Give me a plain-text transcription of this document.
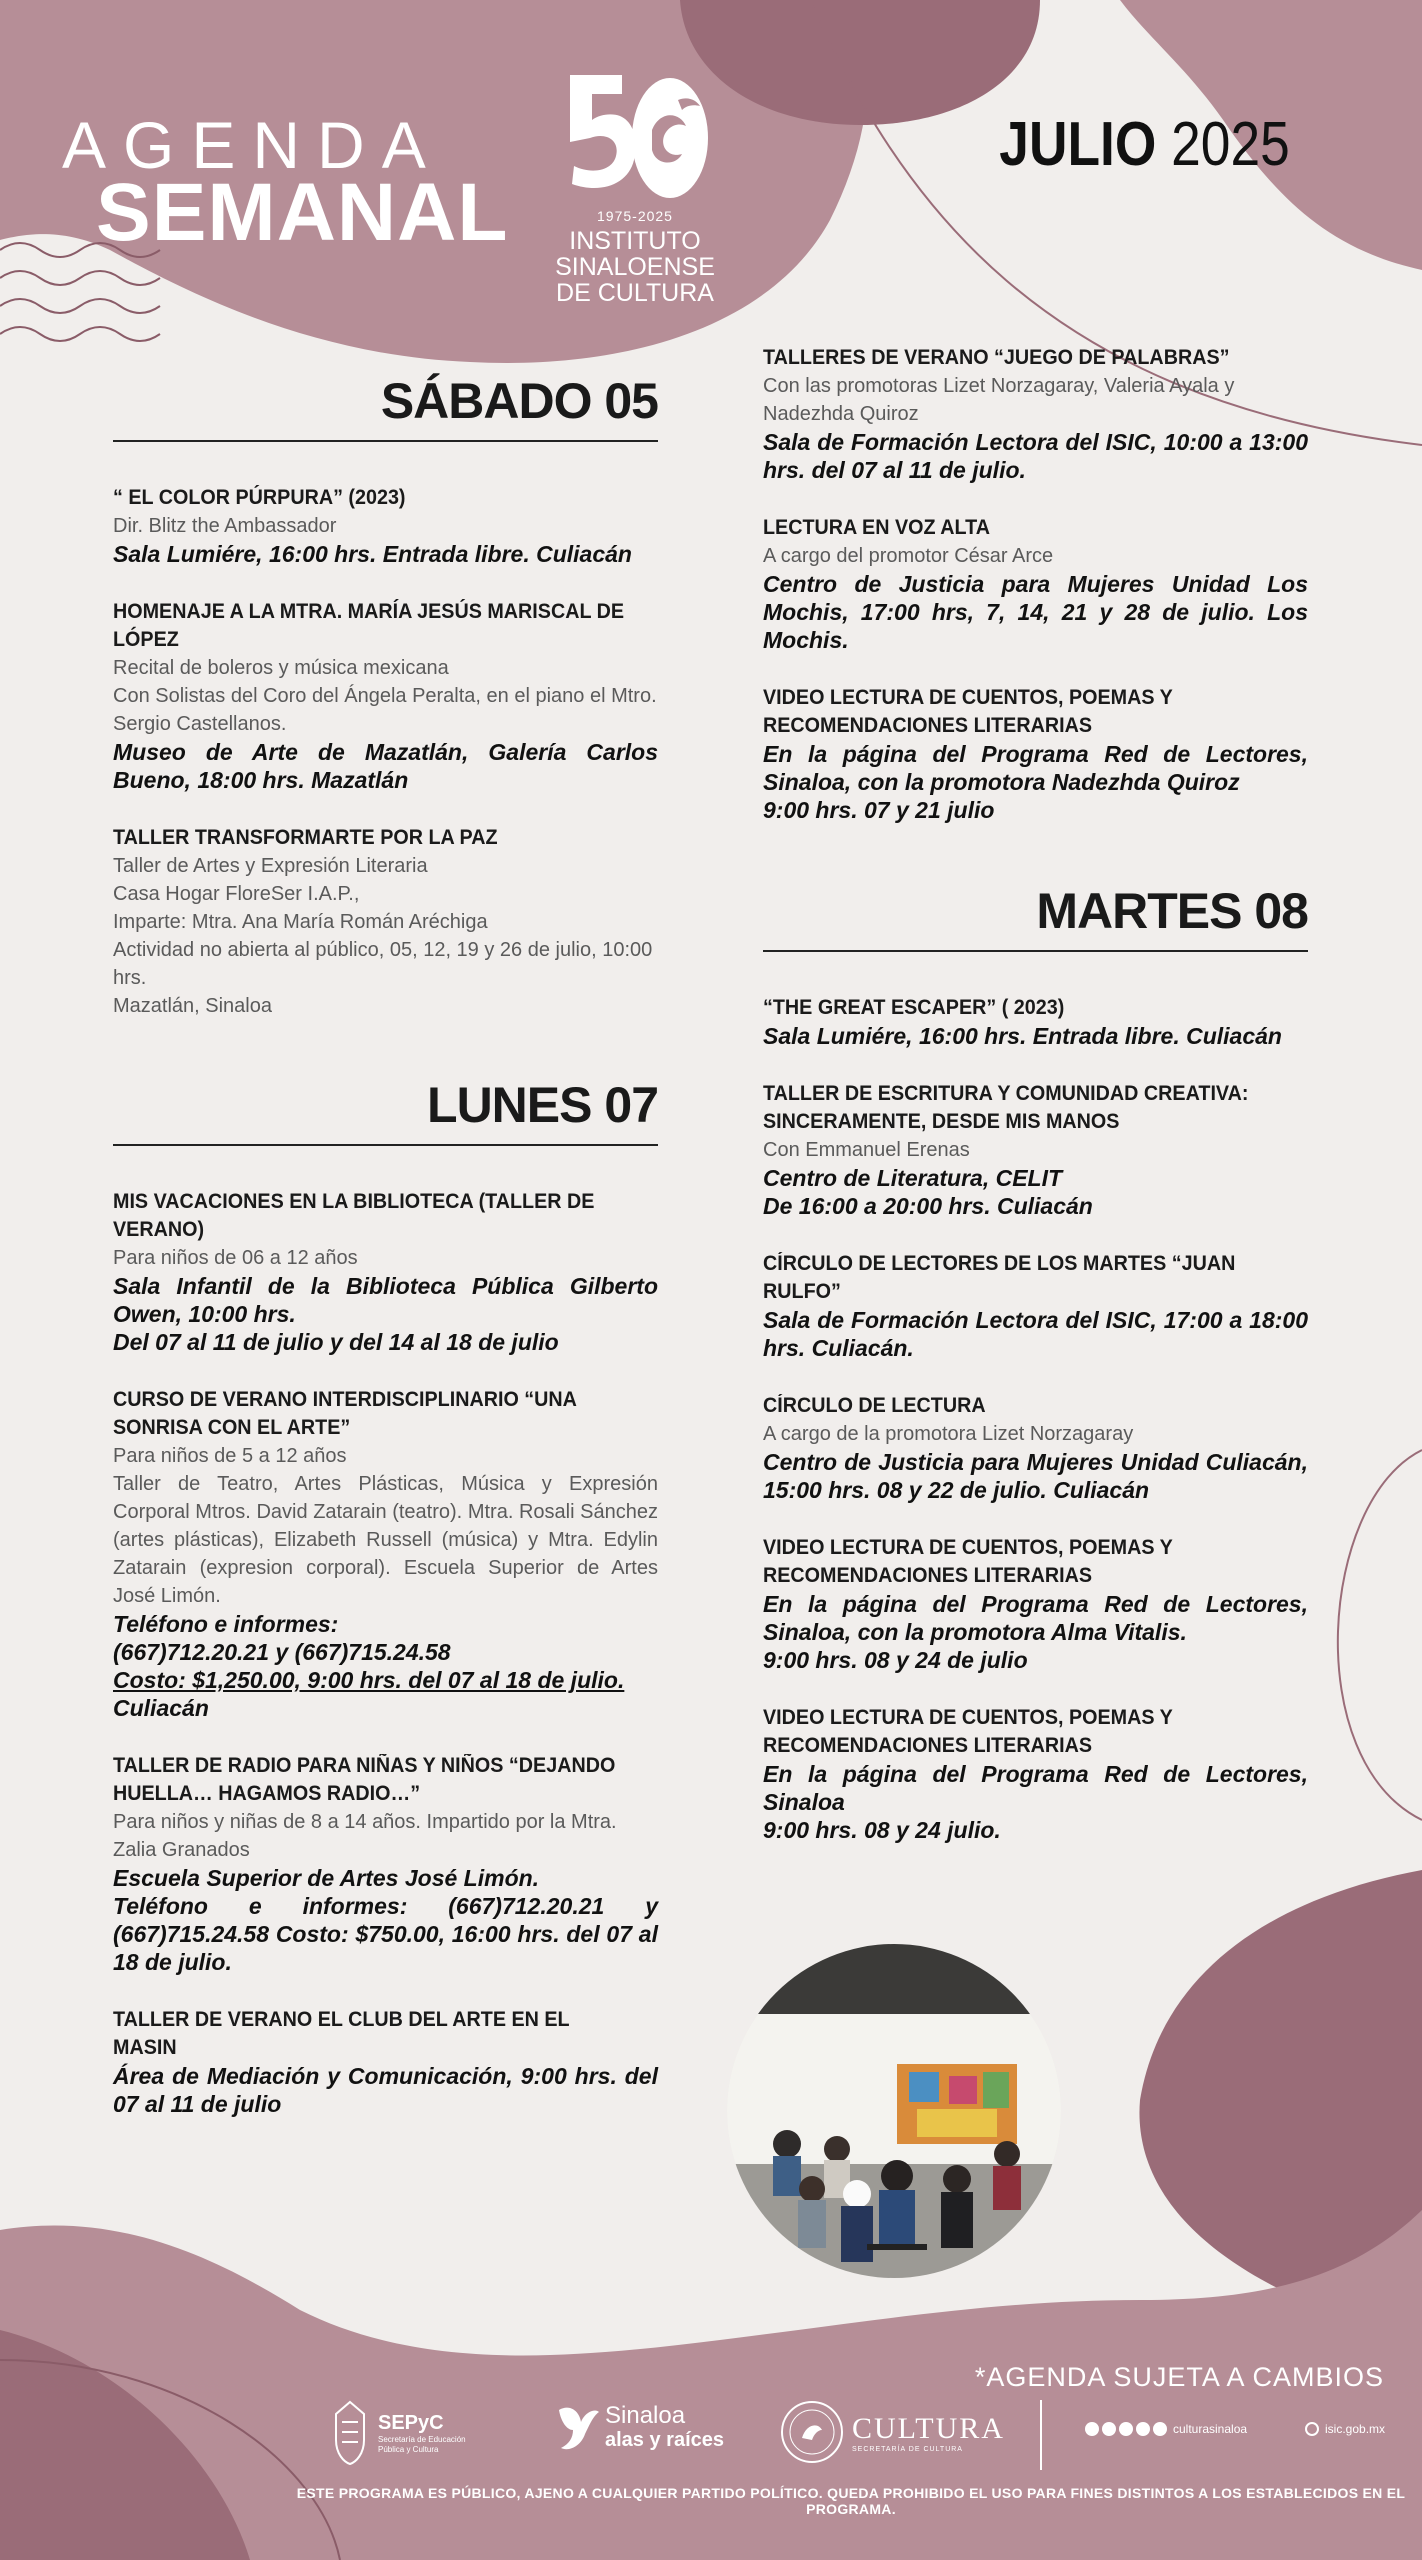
AGENDA
SEMANAL	1975-2025
INSTITUTO
SINALOENSE
DE CULTURA
JULIO 2025
SÁBADO 05
“ EL COLOR PÚRPURA” (2023)
Dir. Blitz the Ambassador
Sala Lumiére, 16:00 hrs. Entrada libre. Culiacán
HOMENAJE A LA MTRA. MARÍA JESÚS MARISCAL DE LÓPEZ
Recital de boleros y música mexicana
Con Solistas del Coro del Ángela Peralta, en el piano el Mtro. Sergio Castellanos.
Museo de Arte de Mazatlán, Galería Carlos Bueno, 18:00 hrs. Mazatlán
TALLER TRANSFORMARTE POR LA PAZ
Taller de Artes y Expresión Literaria
Casa Hogar FloreSer I.A.P.,
Imparte: Mtra. Ana María Román Aréchiga
Actividad no abierta al público, 05, 12, 19 y 26 de julio, 10:00 hrs.
Mazatlán, Sinaloa
LUNES 07
MIS VACACIONES EN LA BIBLIOTECA (TALLER DE VERANO)
Para niños de 06 a 12 años
Sala Infantil de la Biblioteca Pública Gilberto Owen, 10:00 hrs.
Del 07 al 11 de julio y del 14 al 18 de julio
CURSO DE VERANO INTERDISCIPLINARIO “UNA SONRISA CON EL ARTE”
Para niños de 5 a 12 años
Taller de Teatro, Artes Plásticas, Música y Expresión Corporal Mtros. David Zatarain (teatro). Mtra. Rosali Sánchez (artes plásticas), Elizabeth Russell (música) y Mtra. Edylin Zatarain (expresion corporal). Escuela Superior de Artes José Limón.
Teléfono e informes:
(667)712.20.21 y (667)715.24.58
Costo: $1,250.00, 9:00 hrs. del 07 al 18 de julio.
Culiacán
TALLER DE RADIO PARA NIÑAS Y NIÑOS “DEJANDO HUELLA… HAGAMOS RADIO…”
Para niños y niñas de 8 a 14 años. Impartido por la Mtra. Zalia Granados
Escuela Superior de Artes José Limón.
Teléfono e informes: (667)712.20.21 y (667)715.24.58 Costo: $750.00, 16:00 hrs. del 07 al 18 de julio.
TALLER DE VERANO EL CLUB DEL ARTE EN EL MASIN
Área de Mediación y Comunicación, 9:00 hrs. del 07 al 11 de julio
TALLERES DE VERANO “JUEGO DE PALABRAS”
Con las promotoras Lizet Norzagaray, Valeria Ayala y Nadezhda Quiroz
Sala de Formación Lectora del ISIC, 10:00 a 13:00 hrs. del 07 al 11 de julio.
LECTURA EN VOZ ALTA
A cargo del promotor César Arce
Centro de Justicia para Mujeres Unidad Los Mochis, 17:00 hrs, 7, 14, 21 y 28 de julio. Los Mochis.
VIDEO LECTURA DE CUENTOS, POEMAS Y RECOMENDACIONES LITERARIAS
En la página del Programa Red de Lectores, Sinaloa, con la promotora Nadezhda Quiroz
9:00 hrs. 07 y 21 julio
MARTES 08
“THE GREAT ESCAPER” ( 2023)
Sala Lumiére, 16:00 hrs. Entrada libre. Culiacán
TALLER DE ESCRITURA Y COMUNIDAD CREATIVA: SINCERAMENTE, DESDE MIS MANOS
Con Emmanuel Erenas
Centro de Literatura, CELIT
De 16:00 a 20:00 hrs. Culiacán
CÍRCULO DE LECTORES DE LOS MARTES “JUAN RULFO”
Sala de Formación Lectora del ISIC, 17:00 a 18:00 hrs. Culiacán.
CÍRCULO DE LECTURA
A cargo de la promotora Lizet Norzagaray
Centro de Justicia para Mujeres Unidad Culiacán, 15:00 hrs. 08 y 22 de julio. Culiacán
VIDEO LECTURA DE CUENTOS, POEMAS Y RECOMENDACIONES LITERARIAS
En la página del Programa Red de Lectores, Sinaloa, con la promotora Alma Vitalis.
9:00 hrs. 08 y 24 de julio
VIDEO LECTURA DE CUENTOS, POEMAS Y RECOMENDACIONES LITERARIAS
En la página del Programa Red de Lectores, Sinaloa
9:00 hrs. 08 y 24 julio.
*AGENDA SUJETA A CAMBIOS
SEPyC
Secretaría de Educación Pública y Cultura
Sinaloa
alas y raíces	CULTURA
SECRETARÍA DE CULTURA
culturasinaloa	isic.gob.mx
ESTE PROGRAMA ES PÚBLICO, AJENO A CUALQUIER PARTIDO POLÍTICO. QUEDA PROHIBIDO EL USO PARA FINES DISTINTOS A LOS ESTABLECIDOS EN EL PROGRAMA.
